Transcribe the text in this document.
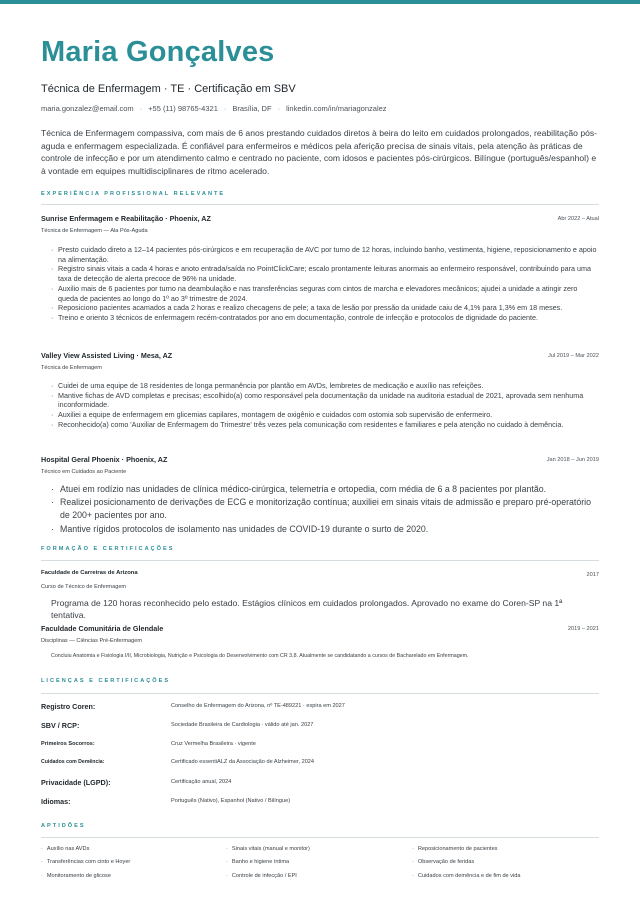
Maria Gonçalves
Técnica de Enfermagem · TE · Certificação em SBV
maria.gonzalez@email.com · +55 (11) 98765-4321 · Brasília, DF · linkedin.com/in/mariagonzalez
Técnica de Enfermagem compassiva, com mais de 6 anos prestando cuidados diretos à beira do leito em cuidados prolongados, reabilitação pós-aguda e enfermagem especializada. É confiável para enfermeiros e médicos pela aferição precisa de sinais vitais, pela atenção às práticas de controle de infecção e por um atendimento calmo e centrado no paciente, com idosos e pacientes pós-cirúrgicos. Bilíngue (português/espanhol) e à vontade em equipes multidisciplinares de ritmo acelerado.
EXPERIÊNCIA PROFISSIONAL RELEVANTE
Sunrise Enfermagem e Reabilitação · Phoenix, AZ	Abr 2022 – Atual
Técnica de Enfermagem — Ala Pós-Aguda
· Presto cuidado direto a 12–14 pacientes pós-cirúrgicos e em recuperação de AVC por turno de 12 horas, incluindo banho, vestimenta, higiene, reposicionamento e apoio na alimentação.
· Registro sinais vitais a cada 4 horas e anoto entrada/saída no PointClickCare; escalo prontamente leituras anormais ao enfermeiro responsável, contribuindo para uma taxa de detecção de alerta precoce de 96% na unidade.
· Auxilio mais de 6 pacientes por turno na deambulação e nas transferências seguras com cintos de marcha e elevadores mecânicos; ajudei a unidade a atingir zero queda de pacientes ao longo do 1º ao 3º trimestre de 2024.
· Reposiciono pacientes acamados a cada 2 horas e realizo checagens de pele; a taxa de lesão por pressão da unidade caiu de 4,1% para 1,3% em 18 meses.
· Treino e oriento 3 técnicos de enfermagem recém-contratados por ano em documentação, controle de infecção e protocolos de dignidade do paciente.
Valley View Assisted Living · Mesa, AZ	Jul 2019 – Mar 2022
Técnica de Enfermagem
· Cuidei de uma equipe de 18 residentes de longa permanência por plantão em AVDs, lembretes de medicação e auxílio nas refeições.
· Mantive fichas de AVD completas e precisas; escolhido(a) como responsável pela documentação da unidade na auditoria estadual de 2021, aprovada sem nenhuma inconformidade.
· Auxiliei a equipe de enfermagem em glicemias capilares, montagem de oxigênio e cuidados com ostomia sob supervisão de enfermeiro.
· Reconhecido(a) como 'Auxiliar de Enfermagem do Trimestre' três vezes pela comunicação com residentes e familiares e pela atenção no cuidado à demência.
Hospital Geral Phoenix · Phoenix, AZ	Jan 2018 – Jun 2019
Técnico em Cuidados ao Paciente
· Atuei em rodízio nas unidades de clínica médico-cirúrgica, telemetria e ortopedia, com média de 6 a 8 pacientes por plantão.
· Realizei posicionamento de derivações de ECG e monitorização contínua; auxiliei em sinais vitais de admissão e preparo pré-operatório de 200+ pacientes por ano.
· Mantive rígidos protocolos de isolamento nas unidades de COVID-19 durante o surto de 2020.
FORMAÇÃO E CERTIFICAÇÕES
Faculdade de Carreiras de Arizona	2017
Curso de Técnico de Enfermagem
Programa de 120 horas reconhecido pelo estado. Estágios clínicos em cuidados prolongados. Aprovado no exame do Coren-SP na 1ª tentativa.
Faculdade Comunitária de Glendale	2019 – 2021
Disciplinas — Ciências Pré-Enfermagem
Concluiu Anatomia e Fisiologia I/II, Microbiologia, Nutrição e Psicologia do Desenvolvimento com CR 3,8. Atualmente se candidatando a cursos de Bacharelado em Enfermagem.
LICENÇAS E CERTIFICAÇÕES
Registro Coren:	Conselho de Enfermagem do Arizona, nº TE-489221 · expira em 2027
SBV / RCP:	Sociedade Brasileira de Cardiologia · válido até jan. 2027
Primeiros Socorros:	Cruz Vermelha Brasileira · vigente
Cuidados com Demência:	Certificado essentiALZ da Associação de Alzheimer, 2024
Privacidade (LGPD):	Certificação anual, 2024
Idiomas:	Português (Nativo), Espanhol (Nativo / Bilíngue)
APTIDÕES
· Auxílio nas AVDs	· Sinais vitais (manual e monitor)	· Reposicionamento de pacientes
· Transferências com cinto e Hoyer	· Banho e higiene íntima	· Observação de feridas
· Monitoramento de glicose	· Controle de infecção / EPI	· Cuidados com demência e de fim de vida
